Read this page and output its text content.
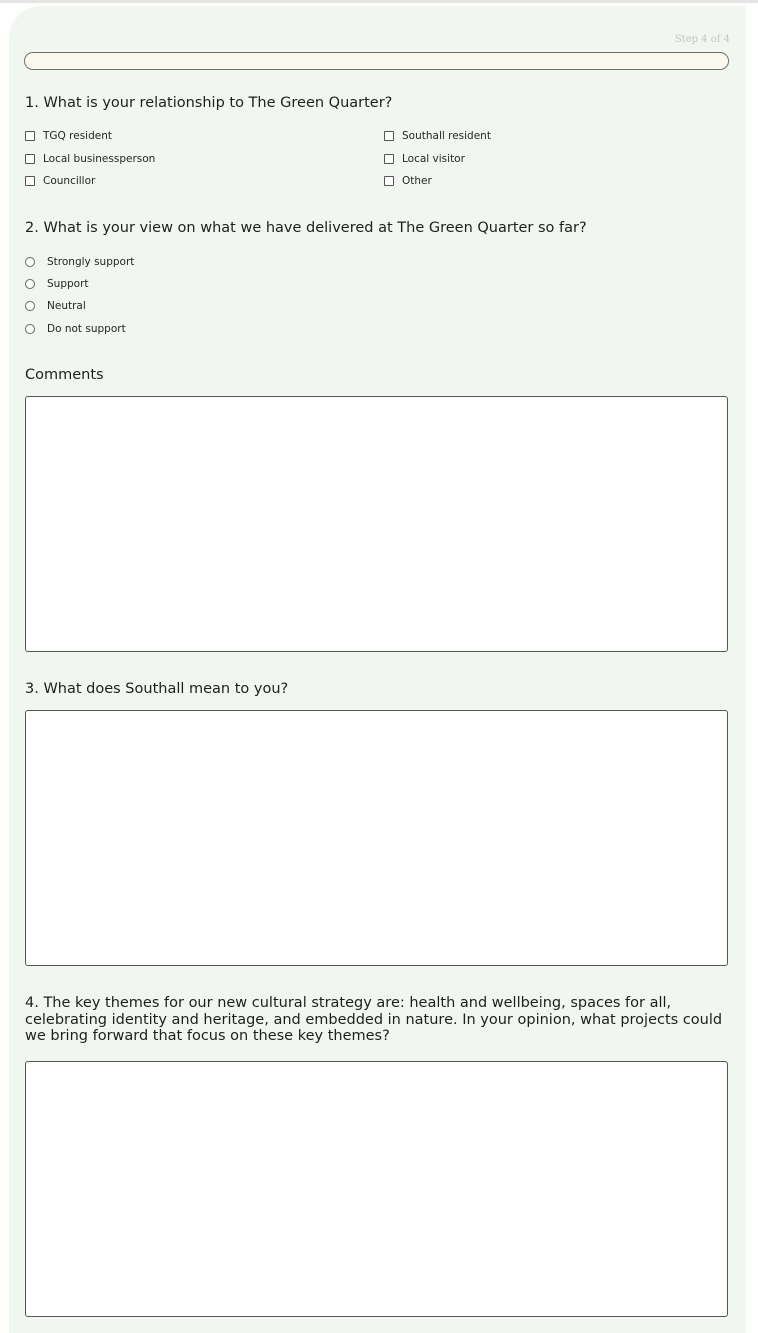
Step 4 of 4
1. What is your relationship to The Green Quarter?
TGQ resident	Southall resident
Local businessperson	Local visitor
Councillor	Other
2. What is your view on what we have delivered at The Green Quarter so far?
Strongly support
Support
Neutral
Do not support
Comments
3. What does Southall mean to you?
4. The key themes for our new cultural strategy are: health and wellbeing, spaces for all, celebrating identity and heritage, and embedded in nature. In your opinion, what projects could we bring forward that focus on these key themes?
